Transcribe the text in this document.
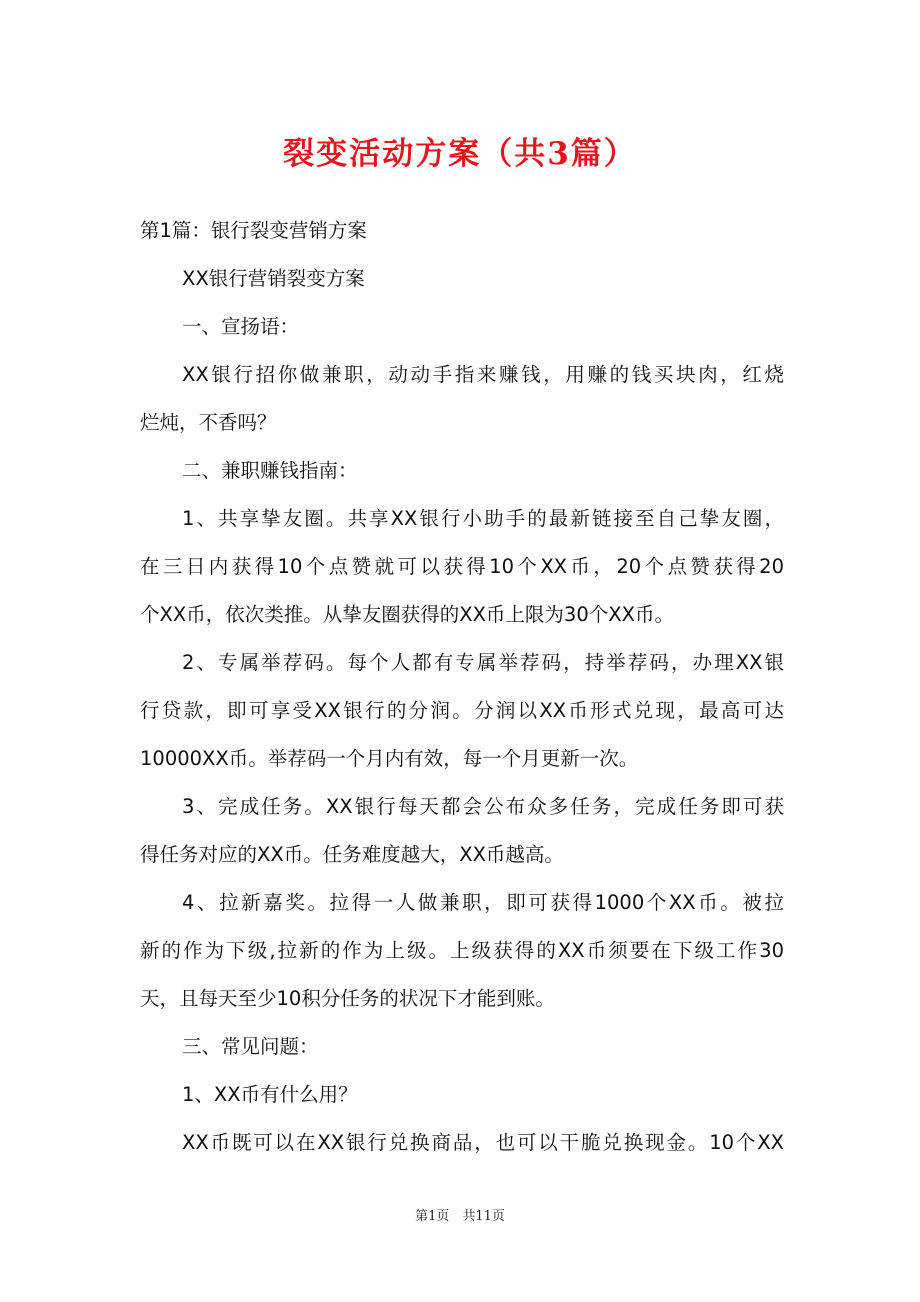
裂变活动方案（共3篇）
第1篇：银行裂变营销方案
XX银行营销裂变方案
一、宣扬语：
XX银行招你做兼职，动动手指来赚钱，用赚的钱买块肉，红烧
烂炖，不香吗？
二、兼职赚钱指南：
1、共享挚友圈。共享XX银行小助手的最新链接至自己挚友圈，
在三日内获得10个点赞就可以获得10个XX币，20个点赞获得20
个XX币，依次类推。从挚友圈获得的XX币上限为30个XX币。
2、专属举荐码。每个人都有专属举荐码，持举荐码，办理XX银
行贷款，即可享受XX银行的分润。分润以XX币形式兑现，最高可达
10000XX币。举荐码一个月内有效，每一个月更新一次。
3、完成任务。XX银行每天都会公布众多任务，完成任务即可获
得任务对应的XX币。任务难度越大，XX币越高。
4、拉新嘉奖。拉得一人做兼职，即可获得1000个XX币。被拉
新的作为下级,拉新的作为上级。上级获得的XX币须要在下级工作30
天，且每天至少10积分任务的状况下才能到账。
三、常见问题：
1、XX币有什么用？
XX币既可以在XX银行兑换商品，也可以干脆兑换现金。10个XX
第1页　共11页
